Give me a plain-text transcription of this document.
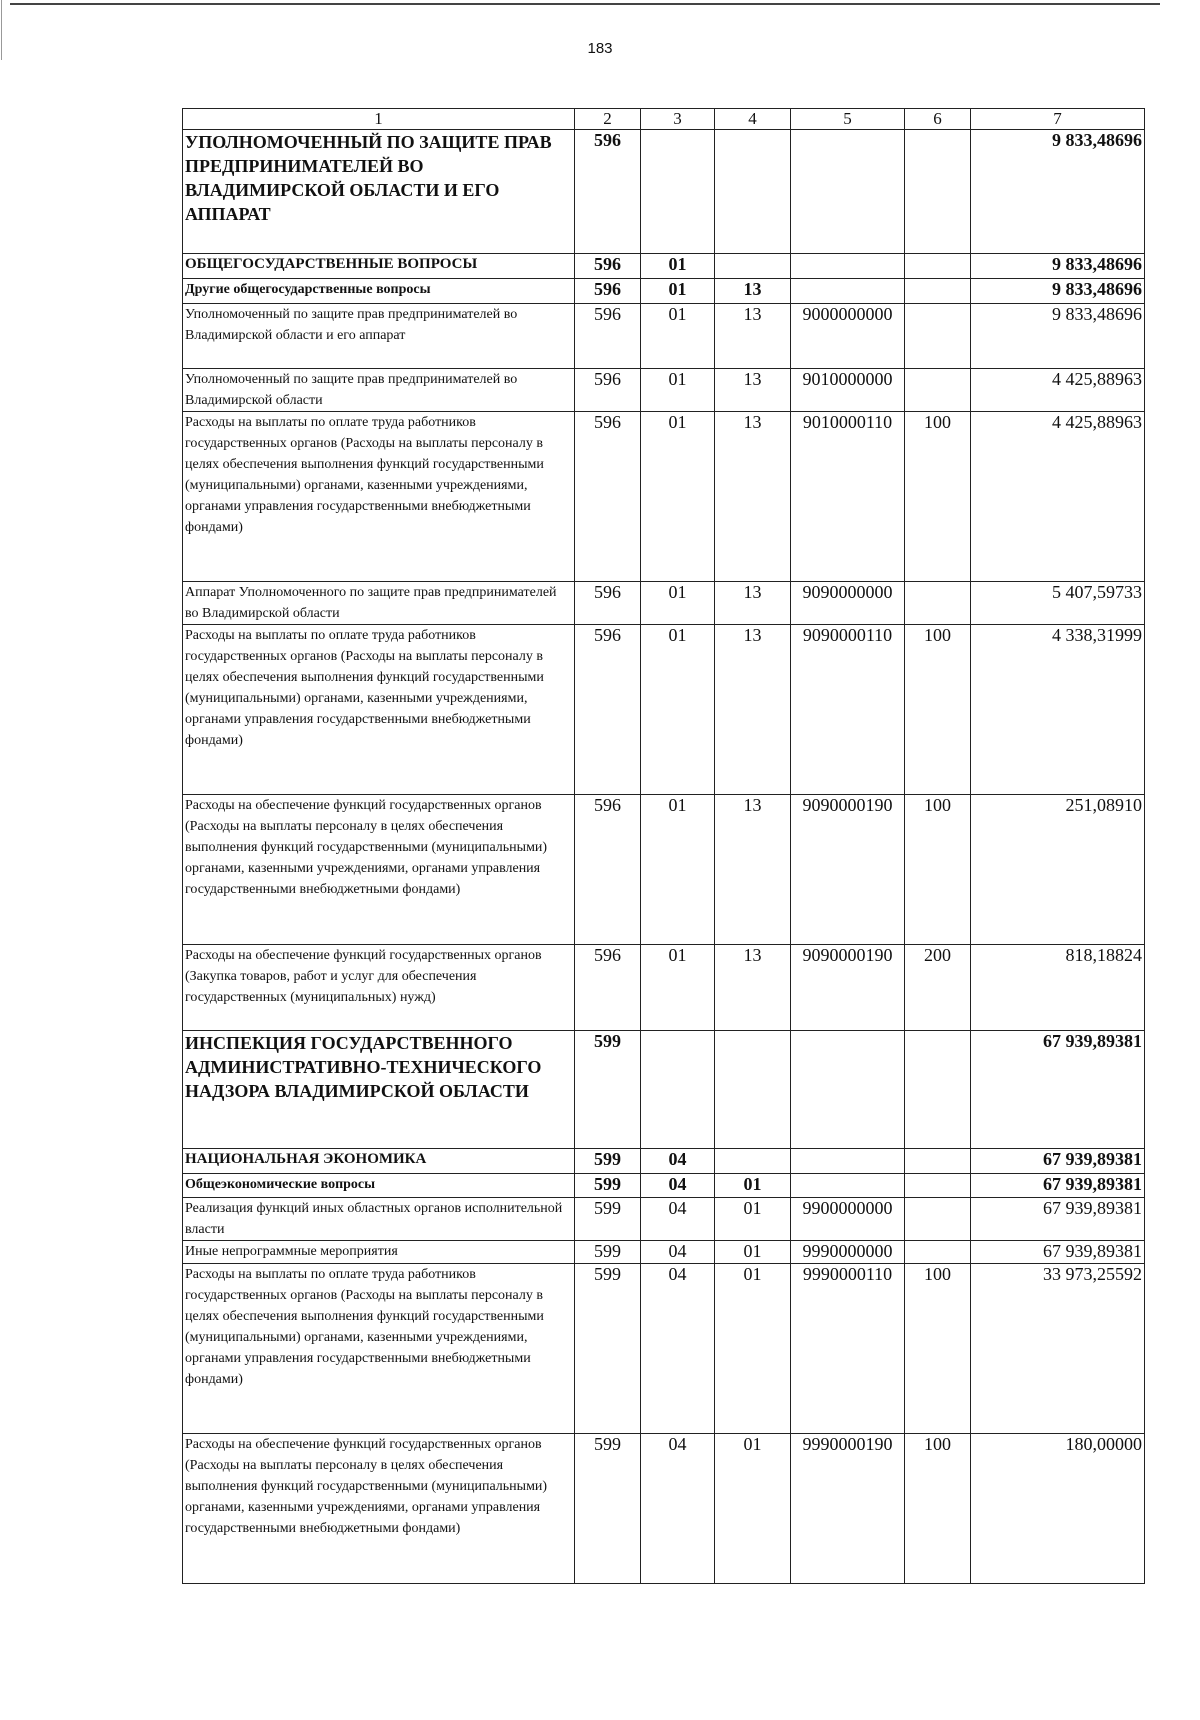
183
1	2	3	4	5	6	7
УПОЛНОМОЧЕННЫЙ ПО ЗАЩИТЕ ПРАВ ПРЕДПРИНИМАТЕЛЕЙ ВО ВЛАДИМИРСКОЙ ОБЛАСТИ И ЕГО АППАРАТ	596					9 833,48696
ОБЩЕГОСУДАРСТВЕННЫЕ ВОПРОСЫ	596	01				9 833,48696
Другие общегосударственные вопросы	596	01	13			9 833,48696
Уполномоченный по защите прав предпринимателей во Владимирской области и его аппарат	596	01	13	9000000000		9 833,48696
Уполномоченный по защите прав предпринимателей во Владимирской области	596	01	13	9010000000		4 425,88963
Расходы на выплаты по оплате труда работников государственных органов (Расходы на выплаты персоналу в целях обеспечения выполнения функций государственными (муниципальными) органами, казенными учреждениями, органами управления государственными внебюджетными фондами)	596	01	13	9010000110	100	4 425,88963
Аппарат Уполномоченного по защите прав предпринимателей во Владимирской области	596	01	13	9090000000		5 407,59733
Расходы на выплаты по оплате труда работников государственных органов (Расходы на выплаты персоналу в целях обеспечения выполнения функций государственными (муниципальными) органами, казенными учреждениями, органами управления государственными внебюджетными фондами)	596	01	13	9090000110	100	4 338,31999
Расходы на обеспечение функций государственных органов (Расходы на выплаты персоналу в целях обеспечения выполнения функций государственными (муниципальными) органами, казенными учреждениями, органами управления государственными внебюджетными фондами)	596	01	13	9090000190	100	251,08910
Расходы на обеспечение функций государственных органов (Закупка товаров, работ и услуг для обеспечения государственных (муниципальных) нужд)	596	01	13	9090000190	200	818,18824
ИНСПЕКЦИЯ ГОСУДАРСТВЕННОГО АДМИНИСТРАТИВНО-ТЕХНИЧЕСКОГО НАДЗОРА ВЛАДИМИРСКОЙ ОБЛАСТИ	599					67 939,89381
НАЦИОНАЛЬНАЯ ЭКОНОМИКА	599	04				67 939,89381
Общеэкономические вопросы	599	04	01			67 939,89381
Реализация функций иных областных органов исполнительной власти	599	04	01	9900000000		67 939,89381
Иные непрограммные мероприятия	599	04	01	9990000000		67 939,89381
Расходы на выплаты по оплате труда работников государственных органов (Расходы на выплаты персоналу в целях обеспечения выполнения функций государственными (муниципальными) органами, казенными учреждениями, органами управления государственными внебюджетными фондами)	599	04	01	9990000110	100	33 973,25592
Расходы на обеспечение функций государственных органов (Расходы на выплаты персоналу в целях обеспечения выполнения функций государственными (муниципальными) органами, казенными учреждениями, органами управления государственными внебюджетными фондами)	599	04	01	9990000190	100	180,00000
